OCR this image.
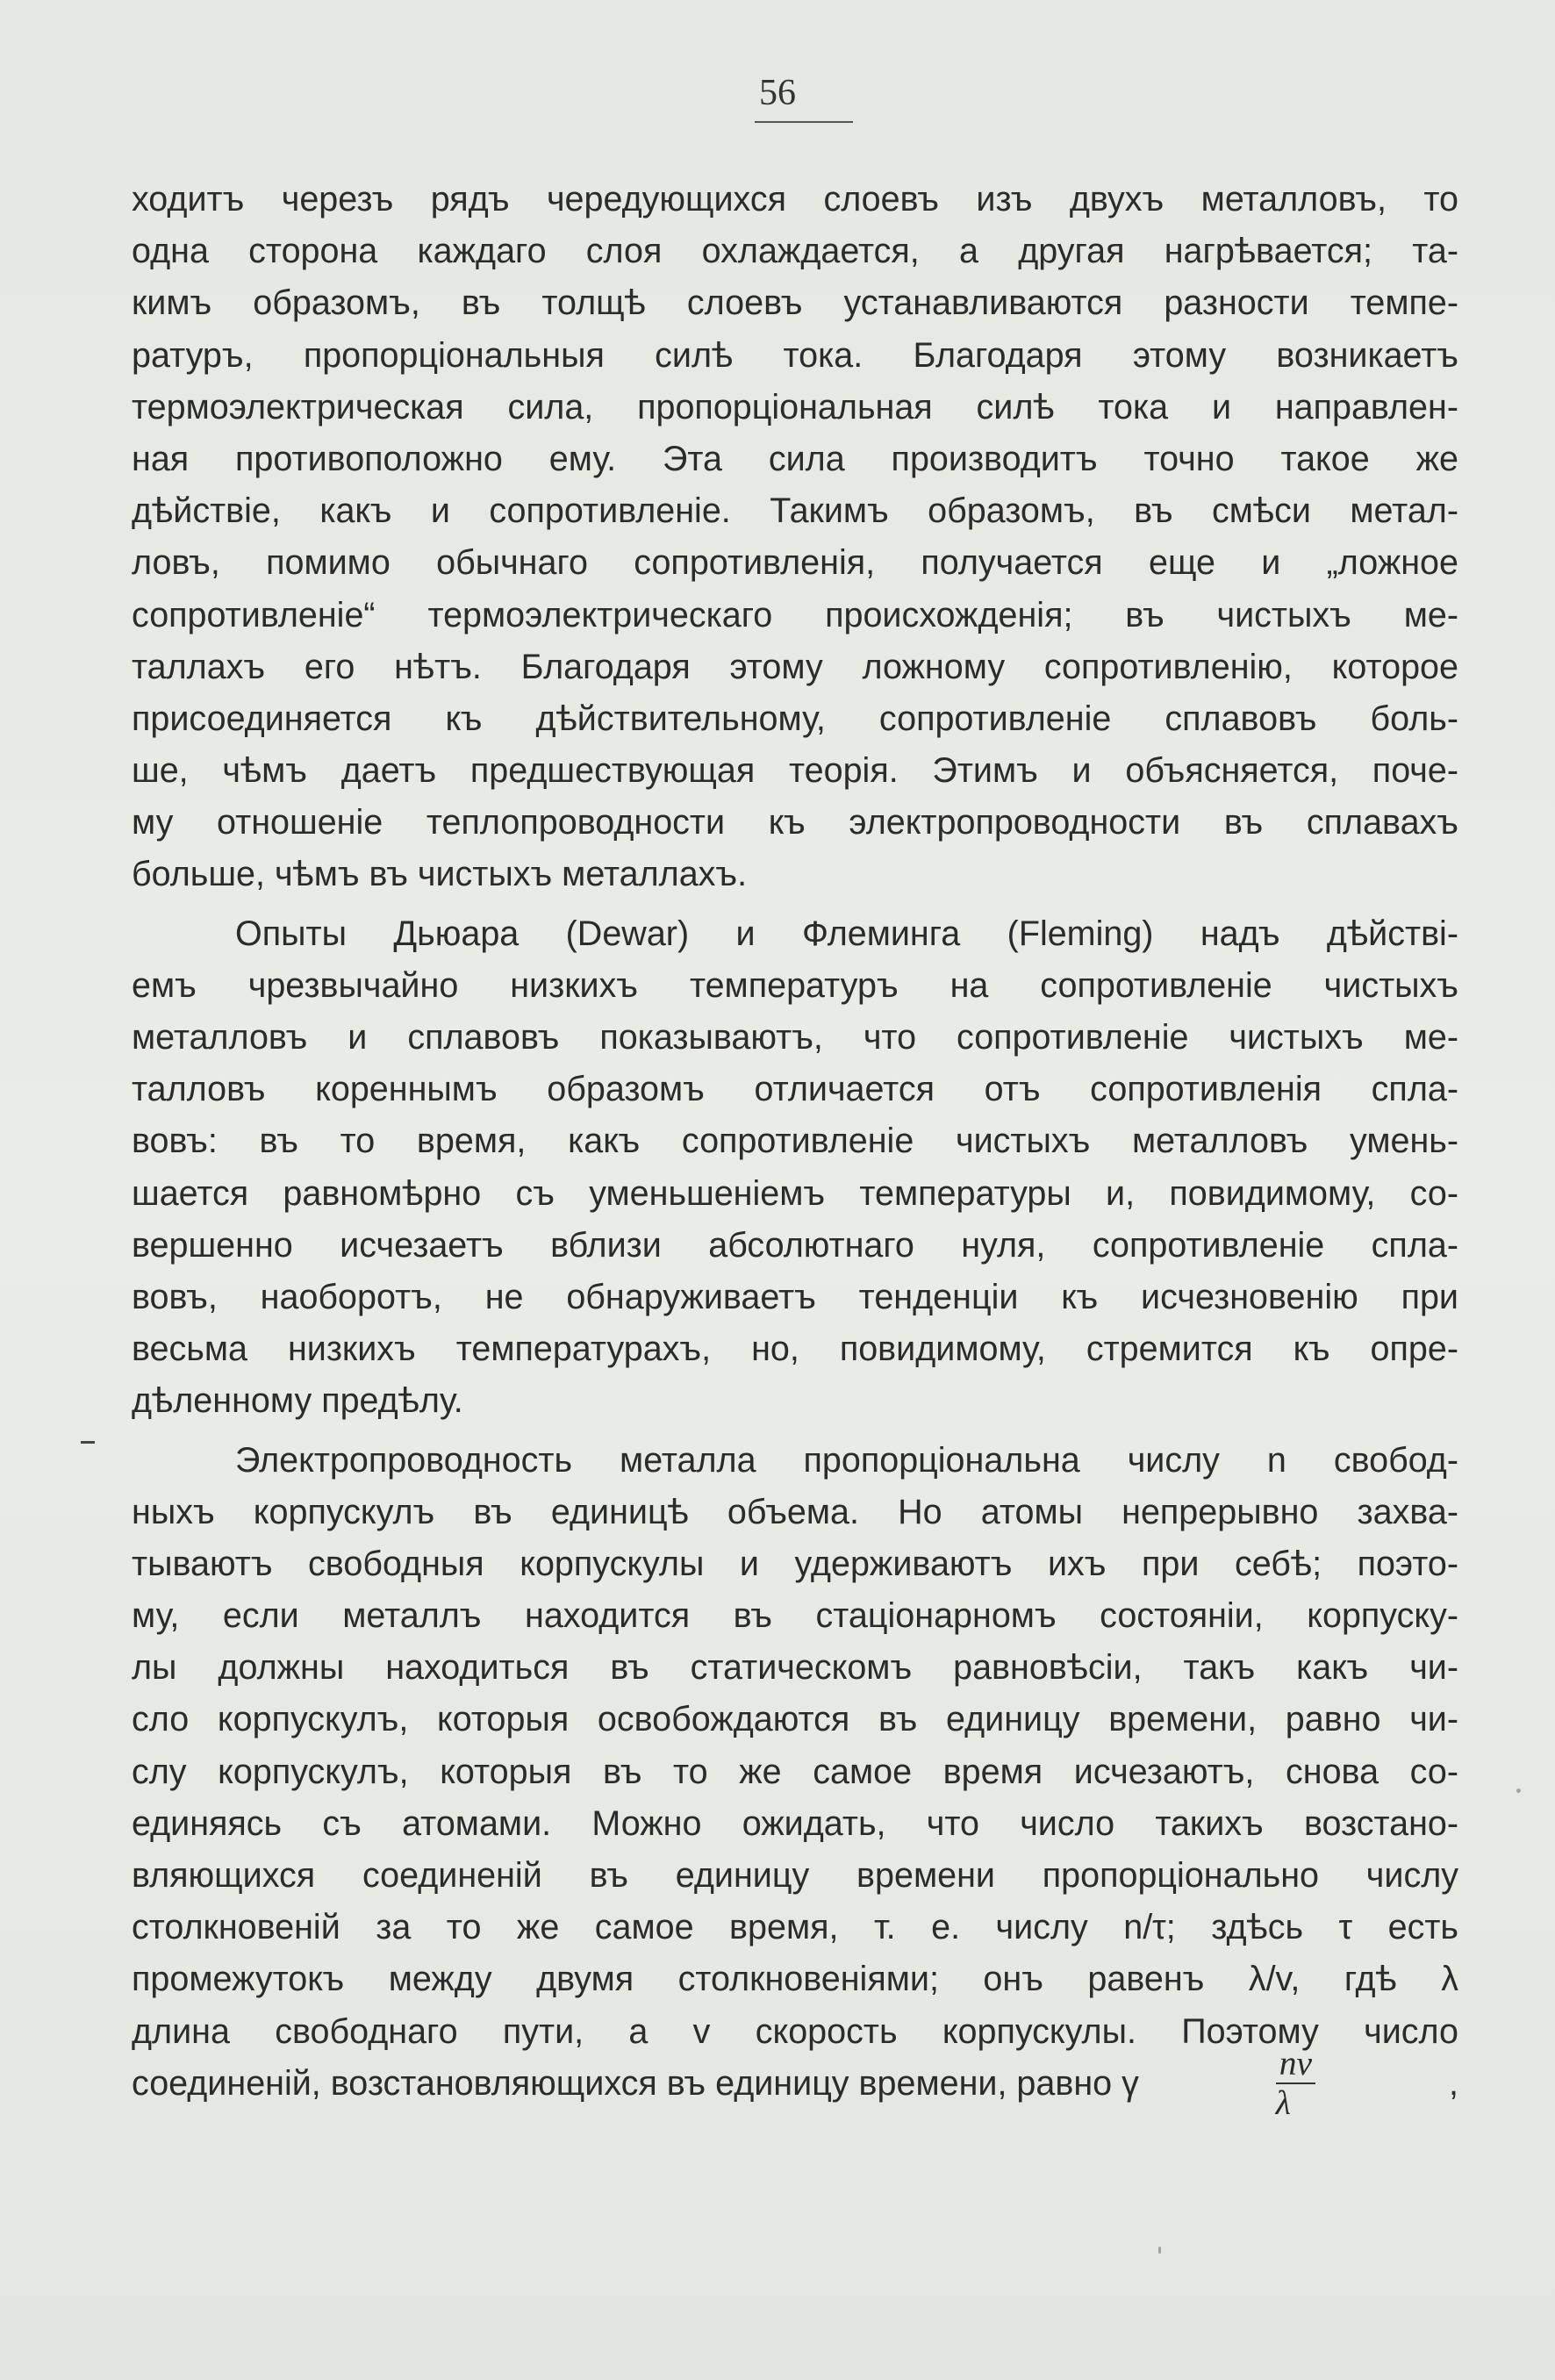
56
ходитъ черезъ рядъ чередующихся слоевъ изъ двухъ металловъ, то
одна сторона каждаго слоя охлаждается, а другая нагрѣвается; та-
кимъ образомъ, въ толщѣ слоевъ устанавливаются разности темпе-
ратуръ, пропорціональныя силѣ тока. Благодаря этому возникаетъ
термоэлектрическая сила, пропорціональная силѣ тока и направлен-
ная противоположно ему. Эта сила производитъ точно такое же
дѣйствіе, какъ и сопротивленіе. Такимъ образомъ, въ смѣси метал-
ловъ, помимо обычнаго сопротивленія, получается еще и „ложное
сопротивленіе“ термоэлектрическаго происхожденія; въ чистыхъ ме-
таллахъ его нѣтъ. Благодаря этому ложному сопротивленію, которое
присоединяется къ дѣйствительному, сопротивленіе сплавовъ боль-
ше, чѣмъ даетъ предшествующая теорія. Этимъ и объясняется, поче-
му отношеніе теплопроводности къ электропроводности въ сплавахъ
больше, чѣмъ въ чистыхъ металлахъ.
Опыты Дьюара (Dewar) и Флеминга (Fleming) надъ дѣйствi-
емъ чрезвычайно низкихъ температуръ на сопротивленіе чистыхъ
металловъ и сплавовъ показываютъ, что сопротивленіе чистыхъ ме-
талловъ кореннымъ образомъ отличается отъ сопротивленія спла-
вовъ: въ то время, какъ сопротивленіе чистыхъ металловъ умень-
шается равномѣрно съ уменьшеніемъ температуры и, повидимому, со-
вершенно исчезаетъ вблизи абсолютнаго нуля, сопротивленіе спла-
вовъ, наоборотъ, не обнаруживаетъ тенденціи къ исчезновенію при
весьма низкихъ температурахъ, но, повидимому, стремится къ опре-
дѣленному предѣлу.
Электропроводность металла пропорціональна числу n свобод-
ныхъ корпускулъ въ единицѣ объема. Но атомы непрерывно захва-
тываютъ свободныя корпускулы и удерживаютъ ихъ при себѣ; поэто-
му, если металлъ находится въ стаціонарномъ состояніи, корпуску-
лы должны находиться въ статическомъ равновѣсіи, такъ какъ чи-
сло корпускулъ, которыя освобождаются въ единицу времени, равно чи-
слу корпускулъ, которыя въ то же самое время исчезаютъ, снова со-
единяясь съ атомами. Можно ожидать, что число такихъ возстано-
вляющихся соединеній въ единицу времени пропорціонально числу
столкновеній за то же самое время, т. е. числу n/τ; здѣсь τ есть
промежутокъ между двумя столкновеніями; онъ равенъ λ/v, гдѣ λ
длина свободнаго пути, а v скорость корпускулы. Поэтому число
соединеній, возстановляющихся въ единицу времени, равно γ	$\frac{nv}{\lambda}$	,
